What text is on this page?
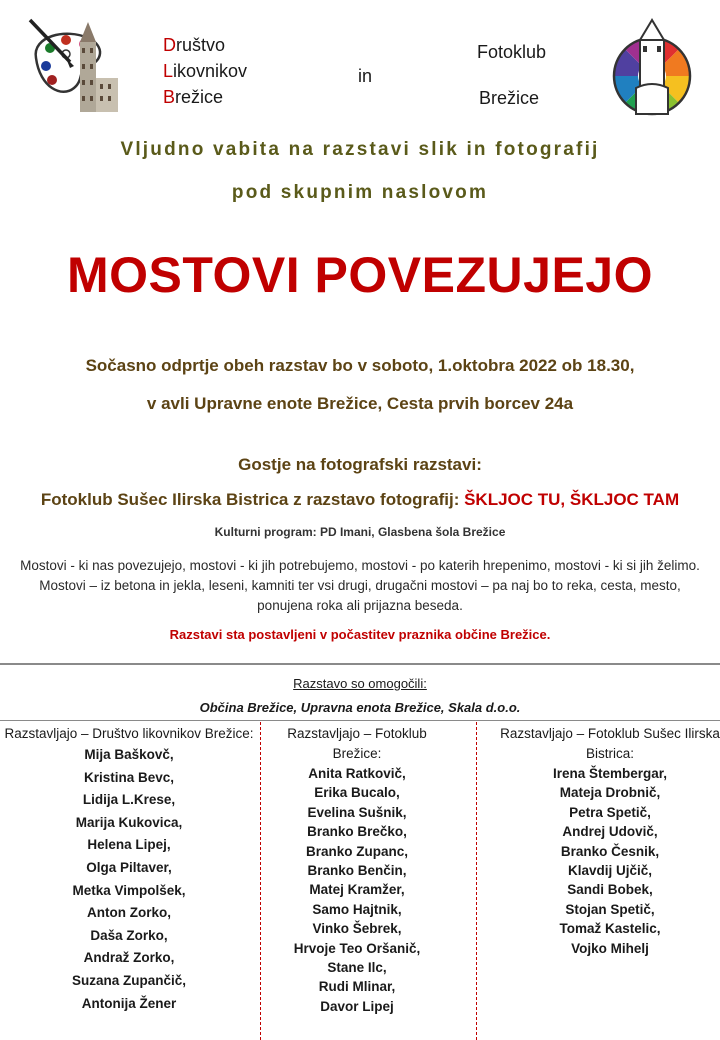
Društvo
Likovnikov
Brežice
in
Fotoklub
Brežice
Vljudno vabita na razstavi slik in fotografij
pod skupnim naslovom
MOSTOVI POVEZUJEJO
Sočasno odprtje obeh razstav bo v soboto, 1.oktobra 2022 ob 18.30,
v avli Upravne enote Brežice, Cesta prvih borcev 24a
Gostje na fotografski razstavi:
Fotoklub Sušec Ilirska Bistrica z razstavo fotografij: ŠKLJOC TU, ŠKLJOC TAM
Kulturni program: PD Imani, Glasbena šola Brežice
Mostovi - ki nas povezujejo, mostovi - ki jih potrebujemo, mostovi - po katerih hrepenimo, mostovi - ki si jih želimo. Mostovi – iz betona in jekla, leseni, kamniti ter vsi drugi, drugačni mostovi – pa naj bo to reka, cesta, mesto, ponujena roka ali prijazna beseda.
Razstavi sta postavljeni v počastitev praznika občine Brežice.
Razstavo so omogočili:
Občina Brežice, Upravna enota Brežice, Skala d.o.o.
Razstavljajo – Društvo likovnikov Brežice:
Mija Baškovč,
Kristina Bevc,
Lidija L.Krese,
Marija Kukovica,
Helena Lipej,
Olga Piltaver,
Metka Vimpolšek,
Anton Zorko,
Daša Zorko,
Andraž Zorko,
Suzana Zupančič,
Antonija Žener
Razstavljajo – Fotoklub Brežice:
Anita Ratkovič,
Erika Bucalo,
Evelina Sušnik,
Branko Brečko,
Branko Zupanc,
Branko Benčin,
Matej Kramžer,
Samo Hajtnik,
Vinko Šebrek,
Hrvoje Teo Oršanič,
Stane Ilc,
Rudi Mlinar,
Davor Lipej
Razstavljajo – Fotoklub Sušec Ilirska Bistrica:
Irena Štembergar,
Mateja Drobnič,
Petra Spetič,
Andrej Udovič,
Branko Česnik,
Klavdij Ujčič,
Sandi Bobek,
Stojan Spetič,
Tomaž Kastelic,
Vojko Mihelj
